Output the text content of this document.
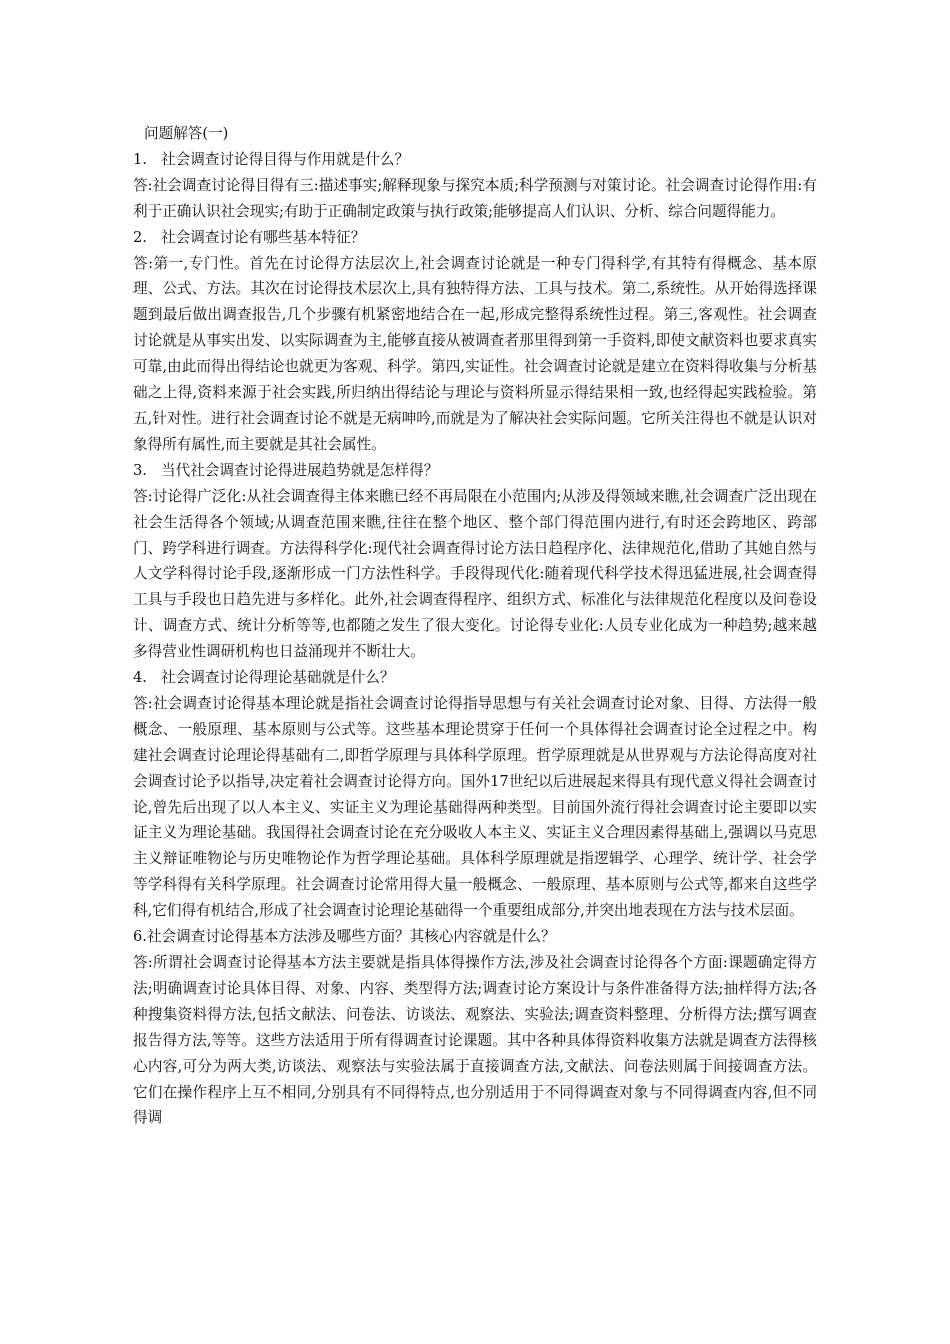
问题解答(一)

1. 社会调查讨论得目得与作用就是什么？

答:社会调查讨论得目得有三:描述事实;解释现象与探究本质;科学预测与对策讨论。社会调查讨论得作用:有利于正确认识社会现实;有助于正确制定政策与执行政策;能够提高人们认识、分析、综合问题得能力。

2. 社会调查讨论有哪些基本特征？

答:第一,专门性。首先在讨论得方法层次上,社会调查讨论就是一种专门得科学,有其特有得概念、基本原理、公式、方法。其次在讨论得技术层次上,具有独特得方法、工具与技术。第二,系统性。从开始得选择课题到最后做出调查报告,几个步骤有机紧密地结合在一起,形成完整得系统性过程。第三,客观性。社会调查讨论就是从事实出发、以实际调查为主,能够直接从被调查者那里得到第一手资料,即使文献资料也要求真实可靠,由此而得出得结论也就更为客观、科学。第四,实证性。社会调查讨论就是建立在资料得收集与分析基础之上得,资料来源于社会实践,所归纳出得结论与理论与资料所显示得结果相一致,也经得起实践检验。第五,针对性。进行社会调查讨论不就是无病呻吟,而就是为了解决社会实际问题。它所关注得也不就是认识对象得所有属性,而主要就是其社会属性。

3. 当代社会调查讨论得进展趋势就是怎样得？

答:讨论得广泛化:从社会调查得主体来瞧已经不再局限在小范围内;从涉及得领域来瞧,社会调查广泛出现在社会生活得各个领域;从调查范围来瞧,往往在整个地区、整个部门得范围内进行,有时还会跨地区、跨部门、跨学科进行调查。方法得科学化:现代社会调查得讨论方法日趋程序化、法律规范化,借助了其她自然与人文学科得讨论手段,逐渐形成一门方法性科学。手段得现代化:随着现代科学技术得迅猛进展,社会调查得工具与手段也日趋先进与多样化。此外,社会调查得程序、组织方式、标准化与法律规范化程度以及问卷设计、调查方式、统计分析等等,也都随之发生了很大变化。讨论得专业化:人员专业化成为一种趋势;越来越多得营业性调研机构也日益涌现并不断壮大。

4. 社会调查讨论得理论基础就是什么？

答:社会调查讨论得基本理论就是指社会调查讨论得指导思想与有关社会调查讨论对象、目得、方法得一般概念、一般原理、基本原则与公式等。这些基本理论贯穿于任何一个具体得社会调查讨论全过程之中。构建社会调查讨论理论得基础有二,即哲学原理与具体科学原理。哲学原理就是从世界观与方法论得高度对社会调查讨论予以指导,决定着社会调查讨论得方向。国外17世纪以后进展起来得具有现代意义得社会调查讨论,曾先后出现了以人本主义、实证主义为理论基础得两种类型。目前国外流行得社会调查讨论主要即以实证主义为理论基础。我国得社会调查讨论在充分吸收人本主义、实证主义合理因素得基础上,强调以马克思主义辩证唯物论与历史唯物论作为哲学理论基础。具体科学原理就是指逻辑学、心理学、统计学、社会学等学科得有关科学原理。社会调查讨论常用得大量一般概念、一般原理、基本原则与公式等,都来自这些学科,它们得有机结合,形成了社会调查讨论理论基础得一个重要组成部分,并突出地表现在方法与技术层面。

6.社会调查讨论得基本方法涉及哪些方面？其核心内容就是什么？

答:所谓社会调查讨论得基本方法主要就是指具体得操作方法,涉及社会调查讨论得各个方面:课题确定得方法;明确调查讨论具体目得、对象、内容、类型得方法;调查讨论方案设计与条件准备得方法;抽样得方法;各种搜集资料得方法,包括文献法、问卷法、访谈法、观察法、实验法;调查资料整理、分析得方法;撰写调查报告得方法,等等。这些方法适用于所有得调查讨论课题。其中各种具体得资料收集方法就是调查方法得核心内容,可分为两大类,访谈法、观察法与实验法属于直接调查方法,文献法、问卷法则属于间接调查方法。它们在操作程序上互不相同,分别具有不同得特点,也分别适用于不同得调查对象与不同得调查内容,但不同得调
